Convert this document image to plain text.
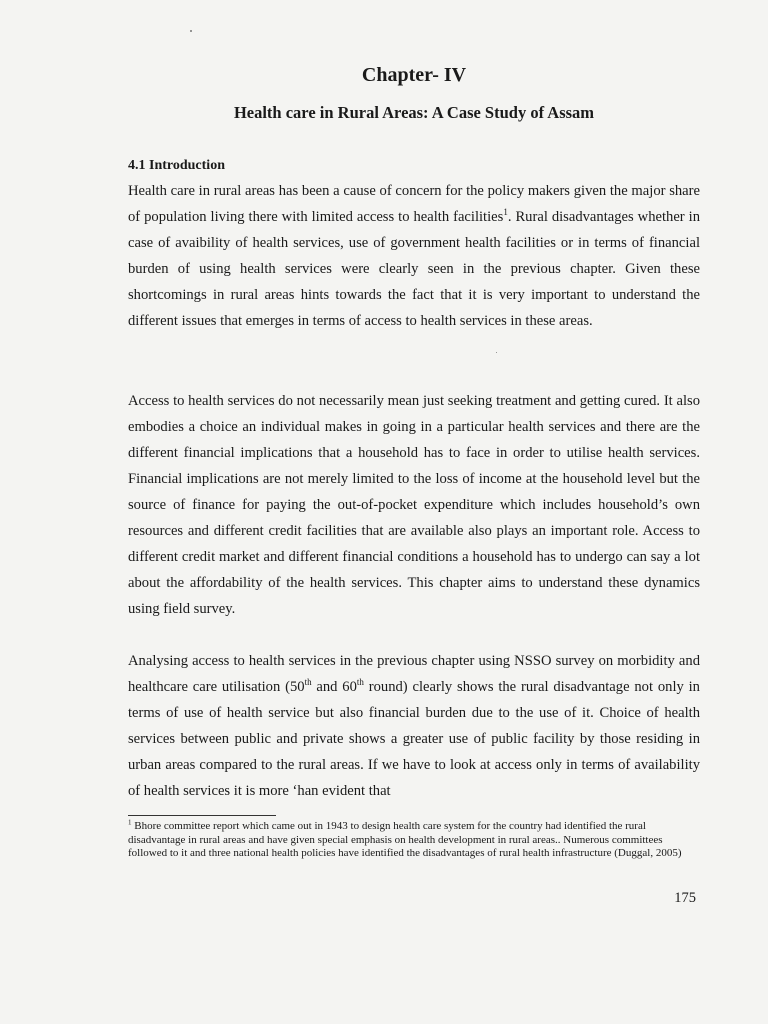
Chapter- IV
Health care in Rural Areas: A Case Study of Assam
4.1 Introduction

Health care in rural areas has been a cause of concern for the policy makers given the major share of population living there with limited access to health facilities$^1$. Rural disadvantages whether in case of avaibility of health services, use of government health facilities or in terms of financial burden of using health services were clearly seen in the previous chapter. Given these shortcomings in rural areas hints towards the fact that it is very important to understand the different issues that emerges in terms of access to health services in these areas.

Access to health services do not necessarily mean just seeking treatment and getting cured. It also embodies a choice an individual makes in going in a particular health services and there are the different financial implications that a household has to face in order to utilise health services. Financial implications are not merely limited to the loss of income at the household level but the source of finance for paying the out-of-pocket expenditure which includes household’s own resources and different credit facilities that are available also plays an important role. Access to different credit market and different financial conditions a household has to undergo can say a lot about the affordability of the health services. This chapter aims to understand these dynamics using field survey.

Analysing access to health services in the previous chapter using NSSO survey on morbidity and healthcare care utilisation (50th and 60th round) clearly shows the rural disadvantage not only in terms of use of health service but also financial burden due to the use of it. Choice of health services between public and private shows a greater use of public facility by those residing in urban areas compared to the rural areas. If we have to look at access only in terms of availability of health services it is more ‘han evident that

$^1$ Bhore committee report which came out in 1943 to design health care system for the country had identified the rural disadvantage in rural areas and have given special emphasis on health development in rural areas.. Numerous committees followed to it and three national health policies have identified the disadvantages of rural health infrastructure (Duggal, 2005)

175
